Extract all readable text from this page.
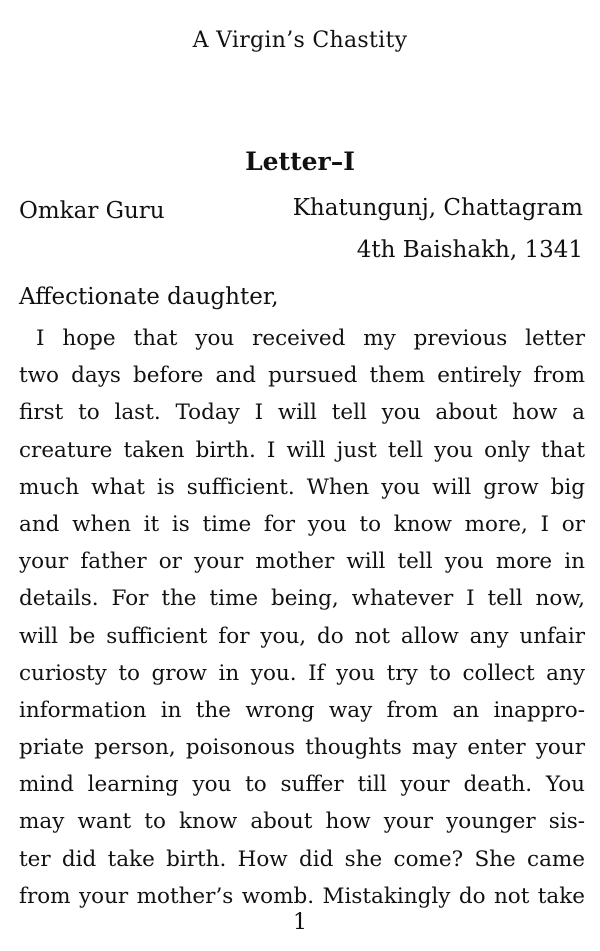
A Virgin’s Chastity
Letter–I
Omkar Guru	Khatungunj, Chattagram
4th Baishakh, 1341
Affectionate daughter,
I hope that you received my previous letter
two days before and pursued them entirely from
first to last. Today I will tell you about how a
creature taken birth. I will just tell you only that
much what is sufficient. When you will grow big
and when it is time for you to know more, I or
your father or your mother will tell you more in
details. For the time being, whatever I tell now,
will be sufficient for you, do not allow any unfair
curiosty to grow in you. If you try to collect any
information in the wrong way from an inappro-
priate person, poisonous thoughts may enter your
mind learning you to suffer till your death. You
may want to know about how your younger sis-
ter did take birth. How did she come? She came
from your mother’s womb. Mistakingly do not take
1
